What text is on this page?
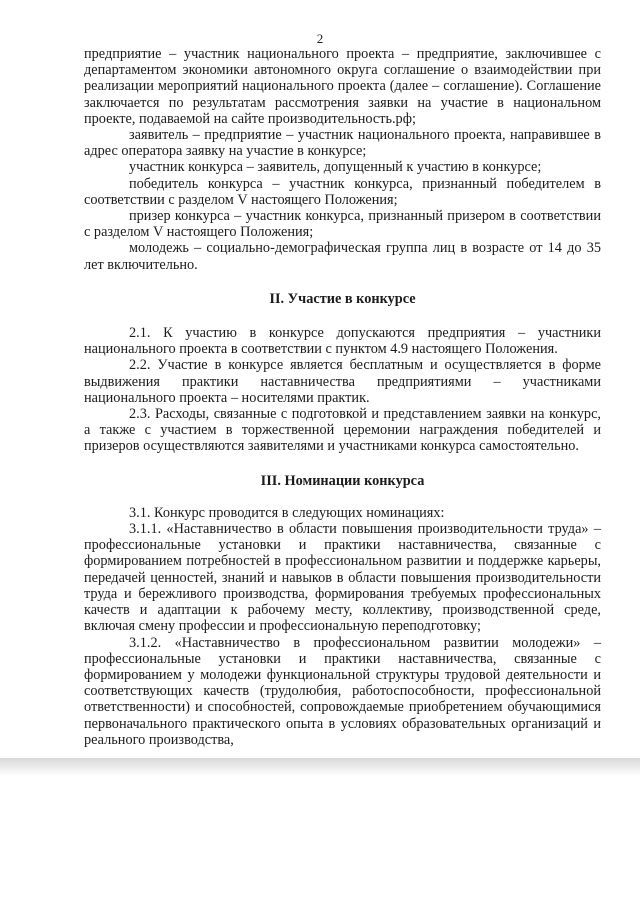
2

предприятие – участник национального проекта – предприятие, заключившее с департаментом экономики автономного округа соглашение о взаимодействии при реализации мероприятий национального проекта (далее – соглашение). Соглашение заключается по результатам рассмотрения заявки на участие в национальном проекте, подаваемой на сайте производительность.рф;

заявитель – предприятие – участник национального проекта, направившее в адрес оператора заявку на участие в конкурсе;

участник конкурса – заявитель, допущенный к участию в конкурсе;

победитель конкурса – участник конкурса, признанный победителем в соответствии с разделом V настоящего Положения;

призер конкурса – участник конкурса, признанный призером в соответствии с разделом V настоящего Положения;

молодежь – социально-демографическая группа лиц в возрасте от 14 до 35 лет включительно.

II. Участие в конкурсе

2.1. К участию в конкурсе допускаются предприятия – участники национального проекта в соответствии с пунктом 4.9 настоящего Положения.

2.2. Участие в конкурсе является бесплатным и осуществляется в форме выдвижения практики наставничества предприятиями – участниками национального проекта – носителями практик.

2.3. Расходы, связанные с подготовкой и представлением заявки на конкурс, а также с участием в торжественной церемонии награждения победителей и призеров осуществляются заявителями и участниками конкурса самостоятельно.

III. Номинации конкурса

3.1. Конкурс проводится в следующих номинациях:

3.1.1. «Наставничество в области повышения производительности труда» – профессиональные установки и практики наставничества, связанные с формированием потребностей в профессиональном развитии и поддержке карьеры, передачей ценностей, знаний и навыков в области повышения производительности труда и бережливого производства, формирования требуемых профессиональных качеств и адаптации к рабочему месту, коллективу, производственной среде, включая смену профессии и профессиональную переподготовку;

3.1.2. «Наставничество в профессиональном развитии молодежи» – профессиональные установки и практики наставничества, связанные с формированием у молодежи функциональной структуры трудовой деятельности и соответствующих качеств (трудолюбия, работоспособности, профессиональной ответственности) и способностей, сопровождаемые приобретением обучающимися первоначального практического опыта в условиях образовательных организаций и реального производства,
